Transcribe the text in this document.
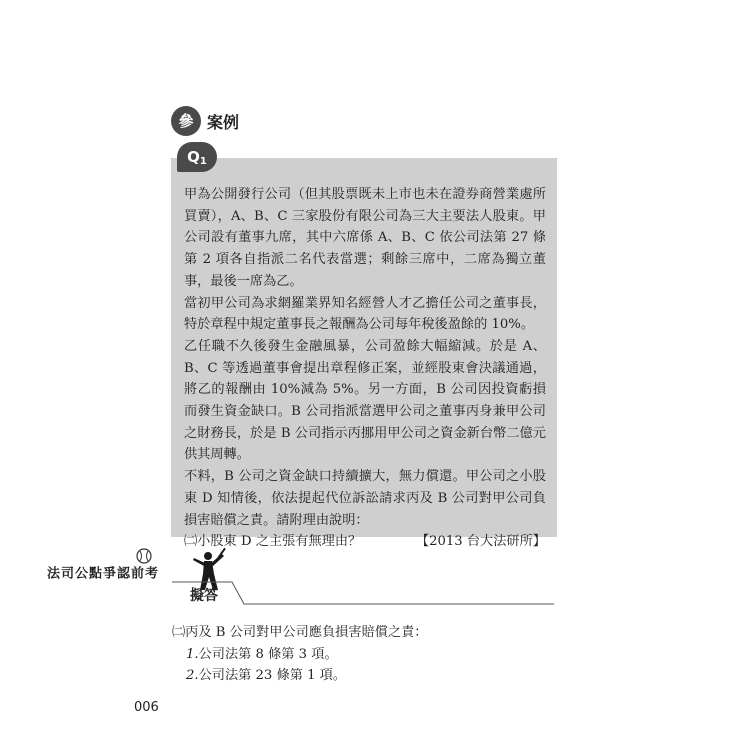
參 案例
$Q_1$

甲為公開發行公司（但其股票既未上市也未在證券商營業處所買賣），A、B、C 三家股份有限公司為三大主要法人股東。甲公司設有董事九席，其中六席係 A、B、C 依公司法第 27 條第 2 項各自指派二名代表當選；剩餘三席中，二席為獨立董事，最後一席為乙。

當初甲公司為求網羅業界知名經營人才乙擔任公司之董事長，特於章程中規定董事長之報酬為公司每年稅後盈餘的 10%。

乙任職不久後發生金融風暴，公司盈餘大幅縮減。於是 A、B、C 等透過董事會提出章程修正案，並經股東會決議通過，將乙的報酬由 10%減為 5%。另一方面，B 公司因投資虧損而發生資金缺口。B 公司指派當選甲公司之董事丙身兼甲公司之財務長，於是 B 公司指示丙挪用甲公司之資金新台幣二億元供其周轉。

不料，B 公司之資金缺口持續擴大，無力償還。甲公司之小股東 D 知情後，依法提起代位訴訟請求丙及 B 公司對甲公司負損害賠償之責。請附理由說明：

㈡小股東 D 之主張有無理由？	【2013 台大法研所】

考
前
認
爭
點
公
司
法
擬答

㈡丙及 B 公司對甲公司應負損害賠償之責：

1.公司法第 8 條第 3 項。

2.公司法第 23 條第 1 項。

006
